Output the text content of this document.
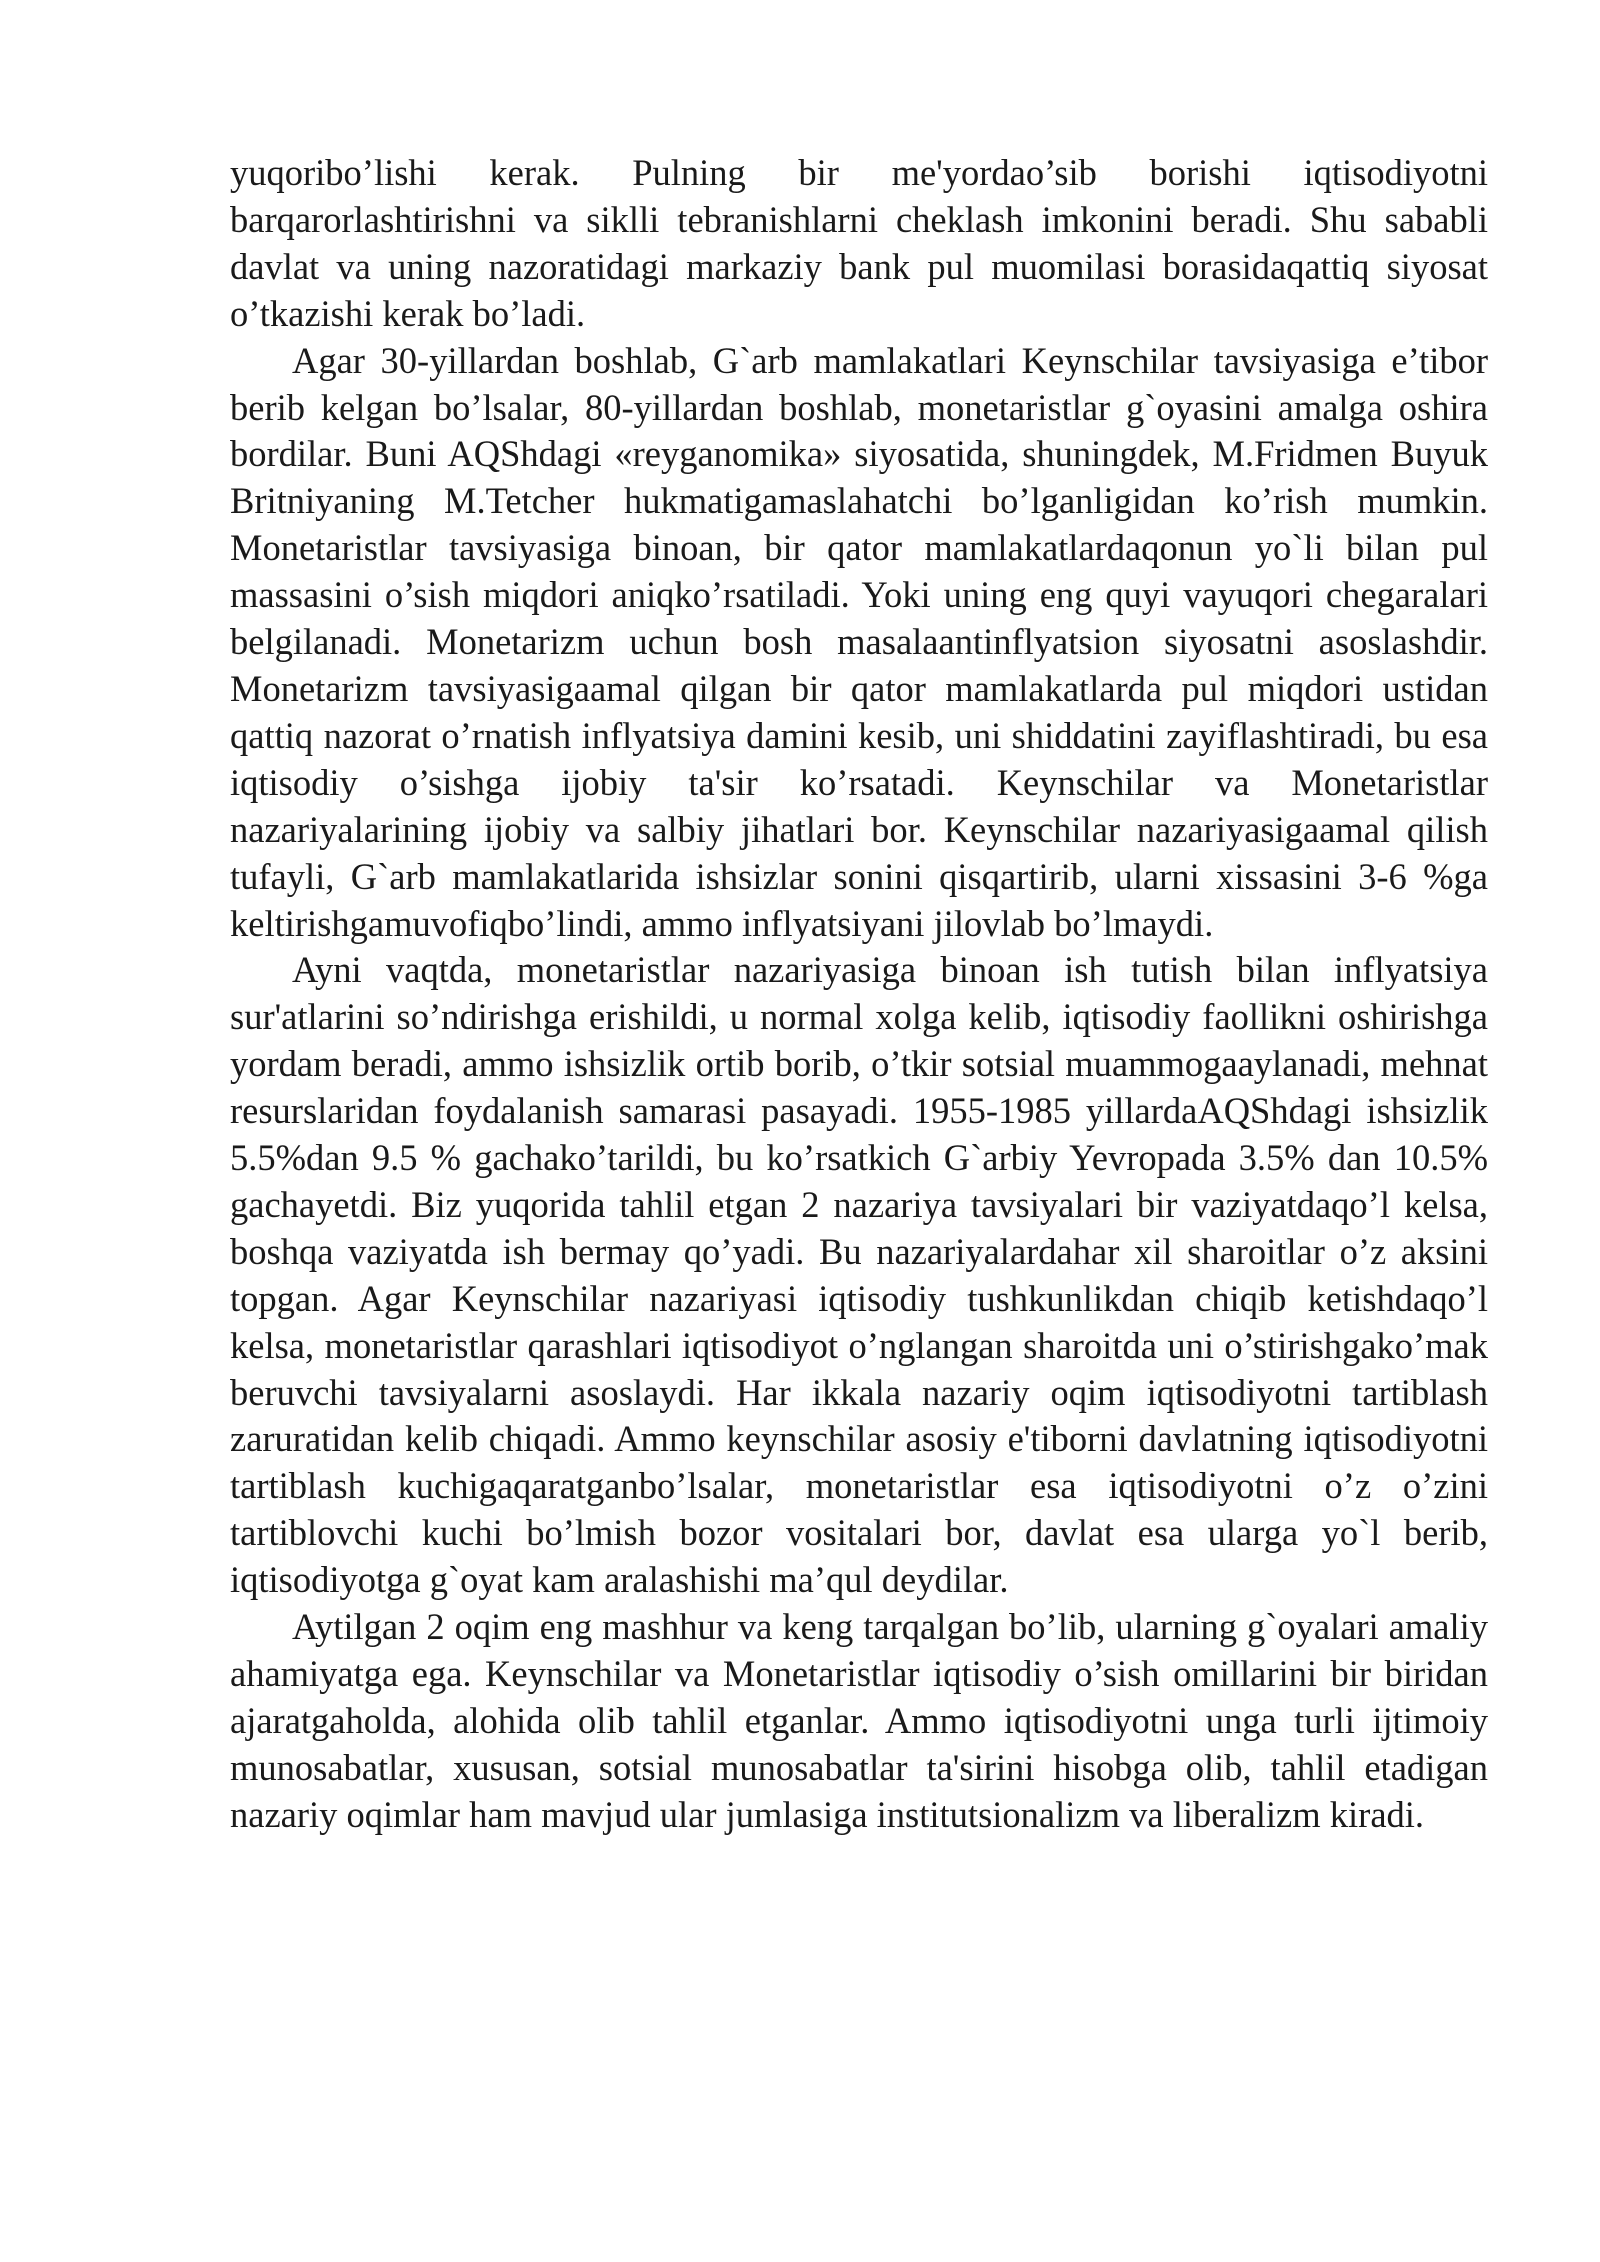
yuqoribo’lishi kerak. Pulning bir me'yordao’sib borishi iqtisodiyotni barqarorlashtirishni va siklli tebranishlarni cheklash imkonini beradi. Shu sababli davlat va uning nazoratidagi markaziy bank pul muomilasi borasidaqattiq siyosat o’tkazishi kerak bo’ladi.

Agar 30-yillardan boshlab, G`arb mamlakatlari Keynschilar tavsiyasiga e’tibor berib kelgan bo’lsalar, 80-yillardan boshlab, monetaristlar g`oyasini amalga oshira bordilar. Buni AQShdagi «reyganomika» siyosatida, shuningdek, M.Fridmen Buyuk Britniyaning M.Tetcher hukmatigamaslahatchi bo’lganligidan ko’rish mumkin. Monetaristlar tavsiyasiga binoan, bir qator mamlakatlardaqonun yo`li bilan pul massasini o’sish miqdori aniqko’rsatiladi. Yoki uning eng quyi vayuqori chegaralari belgilanadi. Monetarizm uchun bosh masalaantinflyatsion siyosatni asoslashdir. Monetarizm tavsiyasigaamal qilgan bir qator mamlakatlarda pul miqdori ustidan qattiq nazorat o’rnatish inflyatsiya damini kesib, uni shiddatini zayiflashtiradi, bu esa iqtisodiy o’sishga ijobiy ta'sir ko’rsatadi. Keynschilar va Monetaristlar nazariyalarining ijobiy va salbiy jihatlari bor. Keynschilar nazariyasigaamal qilish tufayli, G`arb mamlakatlarida ishsizlar sonini qisqartirib, ularni xissasini 3-6 %ga keltirishgamuvofiqbo’lindi, ammo inflyatsiyani jilovlab bo’lmaydi.

Ayni vaqtda, monetaristlar nazariyasiga binoan ish tutish bilan inflyatsiya sur'atlarini so’ndirishga erishildi, u normal xolga kelib, iqtisodiy faollikni oshirishga yordam beradi, ammo ishsizlik ortib borib, o’tkir sotsial muammogaaylanadi, mehnat resurslaridan foydalanish samarasi pasayadi. 1955-1985 yillardaAQShdagi ishsizlik 5.5%dan 9.5 % gachako’tarildi, bu ko’rsatkich G`arbiy Yevropada 3.5% dan 10.5% gachayetdi. Biz yuqorida tahlil etgan 2 nazariya tavsiyalari bir vaziyatdaqo’l kelsa, boshqa vaziyatda ish bermay qo’yadi. Bu nazariyalardahar xil sharoitlar o’z aksini topgan. Agar Keynschilar nazariyasi iqtisodiy tushkunlikdan chiqib ketishdaqo’l kelsa, monetaristlar qarashlari iqtisodiyot o’nglangan sharoitda uni o’stirishgako’mak beruvchi tavsiyalarni asoslaydi. Har ikkala nazariy oqim iqtisodiyotni tartiblash zaruratidan kelib chiqadi. Ammo keynschilar asosiy e'tiborni davlatning iqtisodiyotni tartiblash kuchigaqaratganbo’lsalar, monetaristlar esa iqtisodiyotni o’z o’zini tartiblovchi kuchi bo’lmish bozor vositalari bor, davlat esa ularga yo`l berib, iqtisodiyotga g`oyat kam aralashishi ma’qul deydilar.

Aytilgan 2 oqim eng mashhur va keng tarqalgan bo’lib, ularning g`oyalari amaliy ahamiyatga ega. Keynschilar va Monetaristlar iqtisodiy o’sish omillarini bir biridan ajaratgaholda, alohida olib tahlil etganlar. Ammo iqtisodiyotni unga turli ijtimoiy munosabatlar, xususan, sotsial munosabatlar ta'sirini hisobga olib, tahlil etadigan nazariy oqimlar ham mavjud ular jumlasiga institutsionalizm va liberalizm kiradi.
